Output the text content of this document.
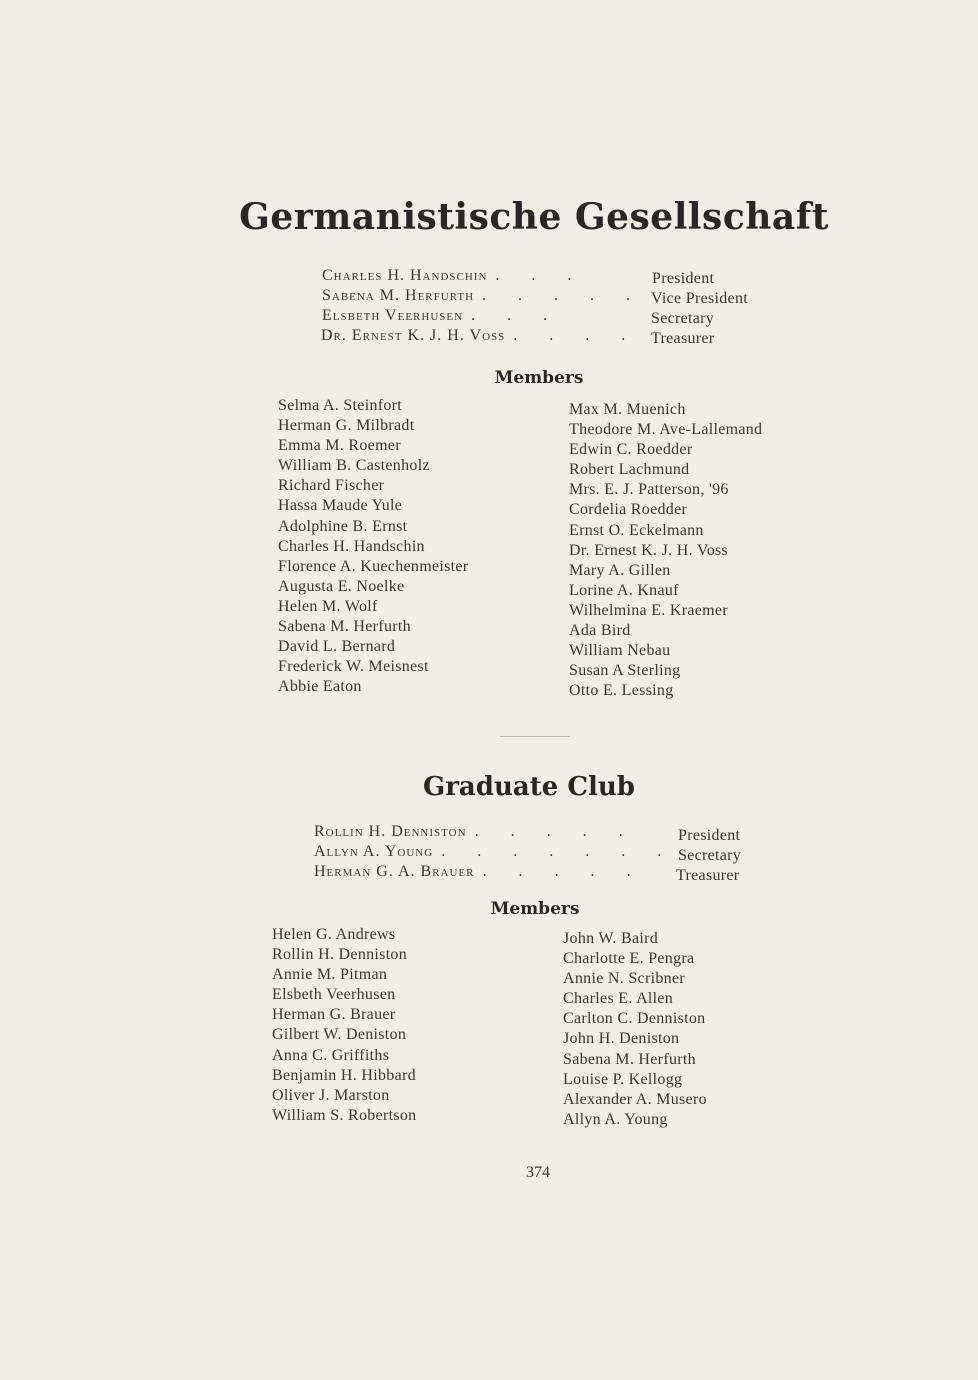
Germanistische Gesellschaft
Charles H. Handschin . . .	President
Sabena M. Herfurth . . . . . Vice President
Elsbeth Veerhusen . . .	Secretary
Dr. Ernest K. J. H. Voss . . . . Treasurer
Members
Selma A. Steinfort
Herman G. Milbradt
Emma M. Roemer
William B. Castenholz
Richard Fischer
Hassa Maude Yule
Adolphine B. Ernst
Charles H. Handschin
Florence A. Kuechenmeister
Augusta E. Noelke
Helen M. Wolf
Sabena M. Herfurth
David L. Bernard
Frederick W. Meisnest
Abbie Eaton
Max M. Muenich
Theodore M. Ave-Lallemand
Edwin C. Roedder
Robert Lachmund
Mrs. E. J. Patterson, '96
Cordelia Roedder
Ernst O. Eckelmann
Dr. Ernest K. J. H. Voss
Mary A. Gillen
Lorine A. Knauf
Wilhelmina E. Kraemer
Ada Bird
William Nebau
Susan A Sterling
Otto E. Lessing
Graduate Club
Rollin H. Denniston . . . . .	President
Allyn A. Young . . . . . . . Secretary
Herman G. A. Brauer . . . . . Treasurer
Members
Helen G. Andrews
Rollin H. Denniston
Annie M. Pitman
Elsbeth Veerhusen
Herman G. Brauer
Gilbert W. Deniston
Anna C. Griffiths
Benjamin H. Hibbard
Oliver J. Marston
William S. Robertson
John W. Baird
Charlotte E. Pengra
Annie N. Scribner
Charles E. Allen
Carlton C. Denniston
John H. Deniston
Sabena M. Herfurth
Louise P. Kellogg
Alexander A. Musero
Allyn A. Young
374
